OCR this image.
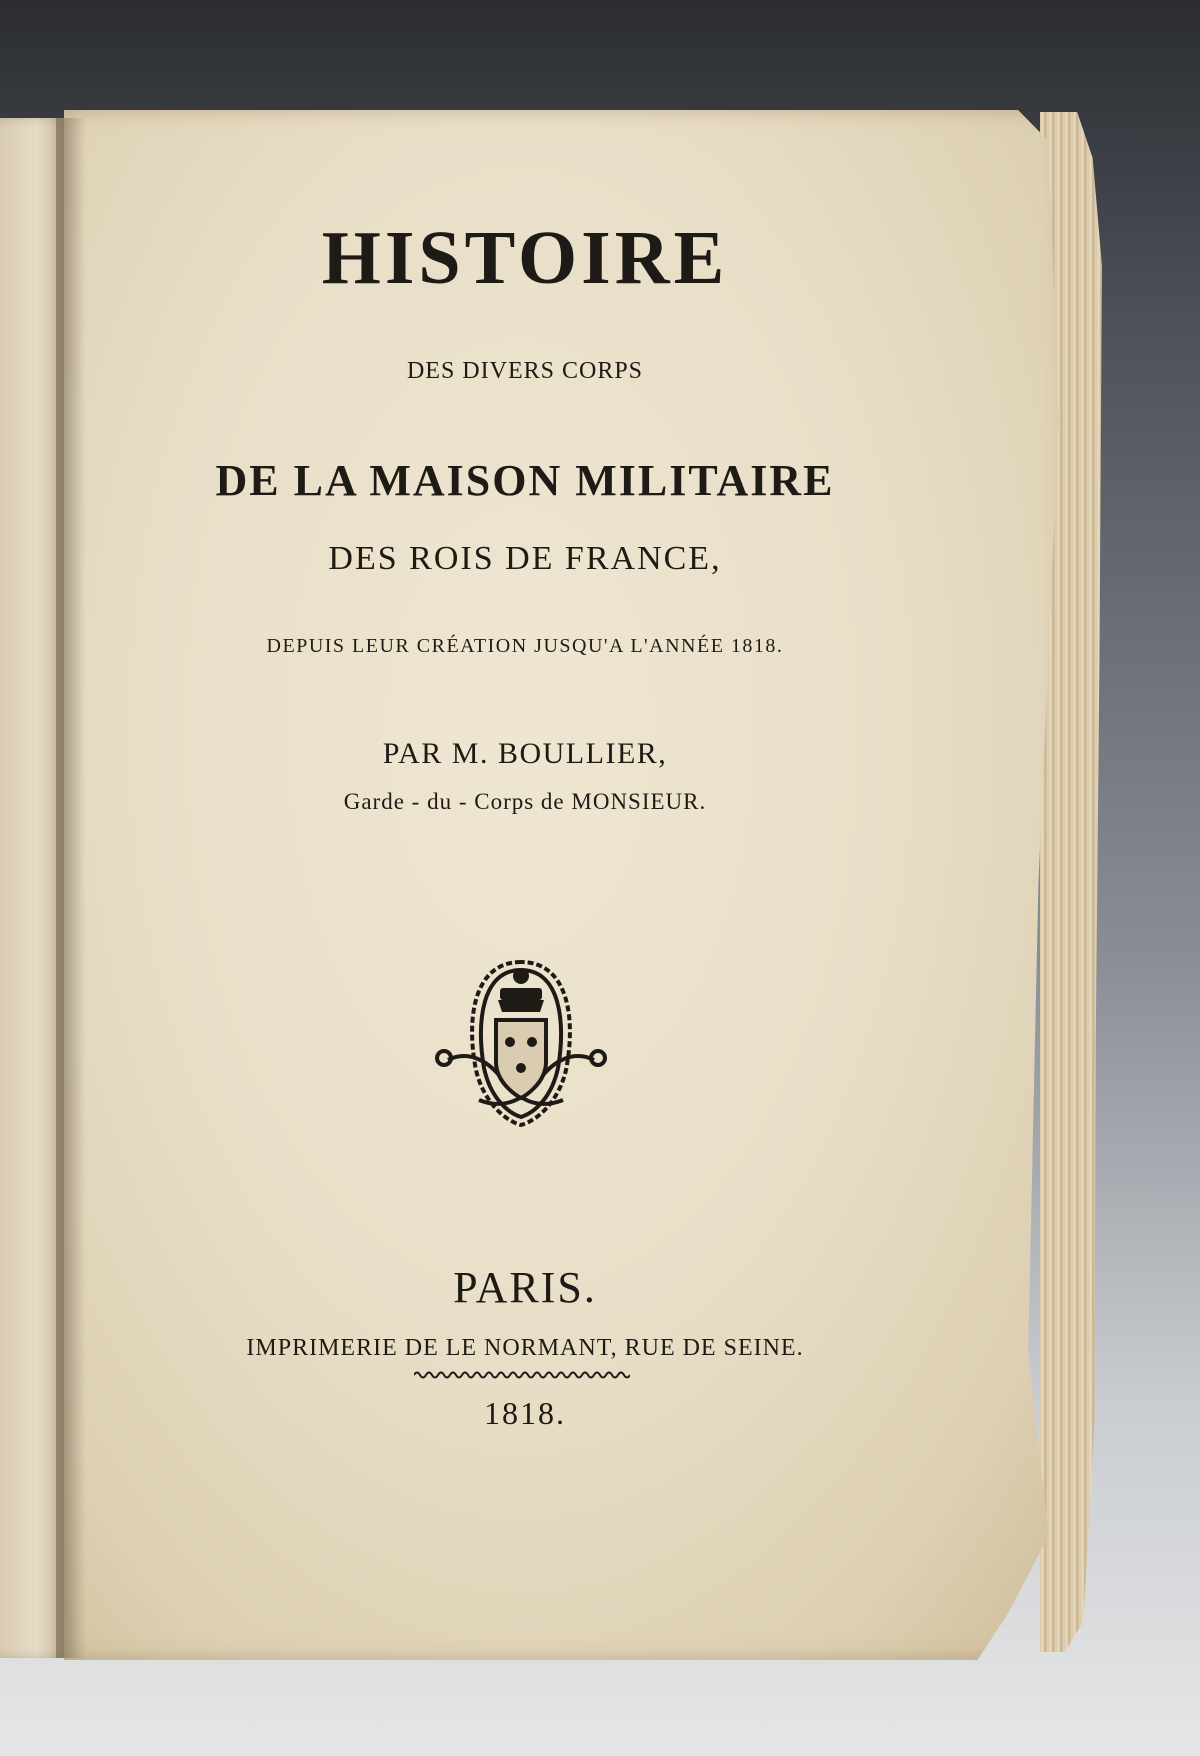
HISTOIRE
DES DIVERS CORPS
DE LA MAISON MILITAIRE
DES ROIS DE FRANCE,
DEPUIS LEUR CRÉATION JUSQU'A L'ANNÉE 1818.
PAR M. BOULLIER,
Garde - du - Corps de MONSIEUR.
PARIS.
IMPRIMERIE DE LE NORMANT, RUE DE SEINE.
1818.
